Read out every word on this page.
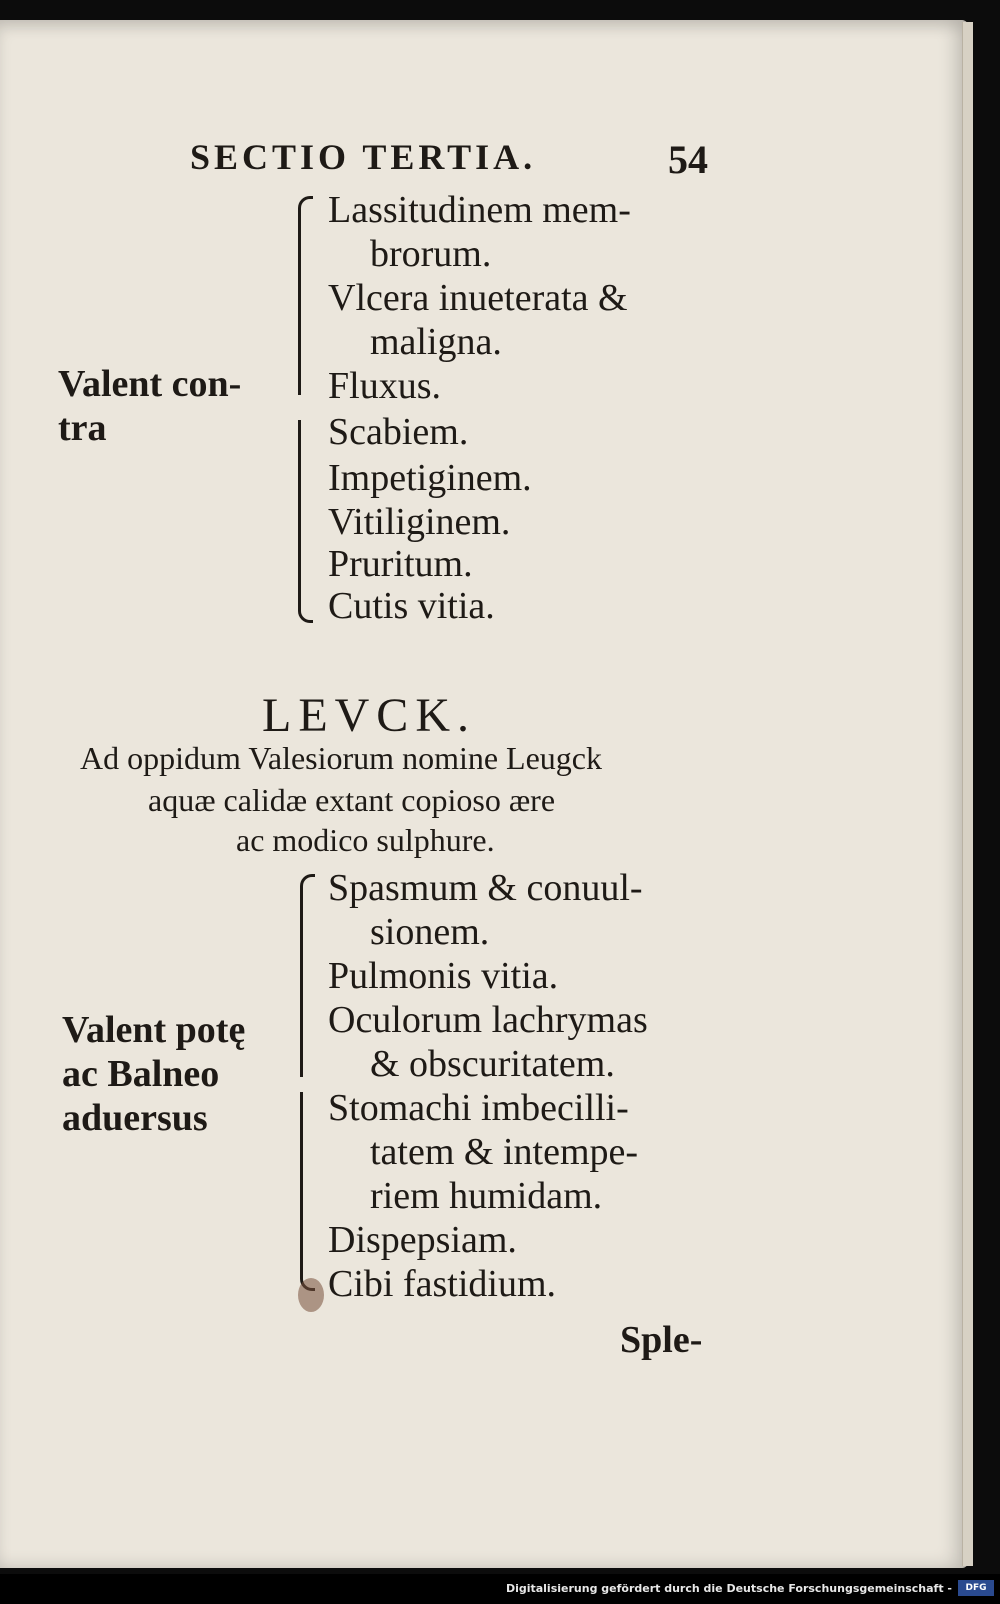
SECTIO TERTIA.	54
Lassitudinem mem-
brorum.
Vlcera inueterata &
maligna.
Fluxus.
Scabiem.
Impetiginem.
Vitiliginem.
Pruritum.
Cutis vitia.
Valent con-
tra
LEVCK.
Ad oppidum Valesiorum nomine Leugck
aquæ calidæ extant copioso ære
ac modico sulphure.
Spasmum & conuul-
sionem.
Pulmonis vitia.
Oculorum lachrymas
& obscuritatem.
Stomachi imbecilli-
tatem & intempe-
riem humidam.
Dispepsiam.
Cibi fastidium.
Valent potę
ac Balneo
aduersus
Sple-
Digitalisierung gefördert durch die Deutsche Forschungsgemeinschaft -	DFG
